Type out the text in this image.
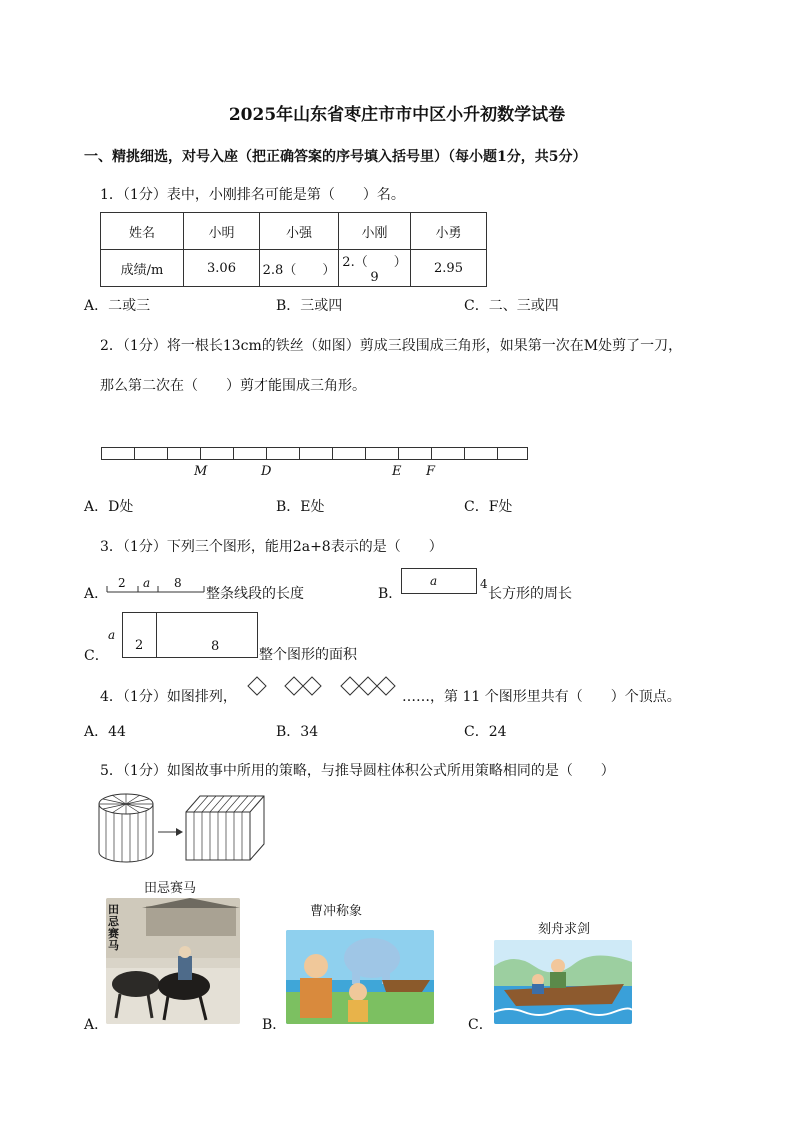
2025年山东省枣庄市市中区小升初数学试卷
一、精挑细选，对号入座（把正确答案的序号填入括号里）（每小题1分，共5分）
1．（1分）表中，小刚排名可能是第（　　）名。
姓名	小明	小强	小刚	小勇
成绩/m	3.06	2.8（　　）	2.（　　）9	2.95
A．二或三	B．三或四	C．二、三或四
2．（1分）将一根长13cm的铁丝（如图）剪成三段围成三角形，如果第一次在M处剪了一刀，
那么第二次在（　　）剪才能围成三角形。
M	D	E F
A．D处	B．E处	C．F处
3．（1分）下列三个图形，能用2a+8表示的是（　　）
A．
2 a 8
整条线段的长度	B．
a	4
长方形的周长
C．
a
2	8
整个图形的面积
4．（1分）如图排列，	……，第 11 个图形里共有（　　）个顶点。
A．44	B．34	C．24
5．（1分）如图故事中所用的策略，与推导圆柱体积公式所用策略相同的是（　　）
田忌赛马
曹冲称象
刻舟求剑
田忌赛马
A．	B．	C．
